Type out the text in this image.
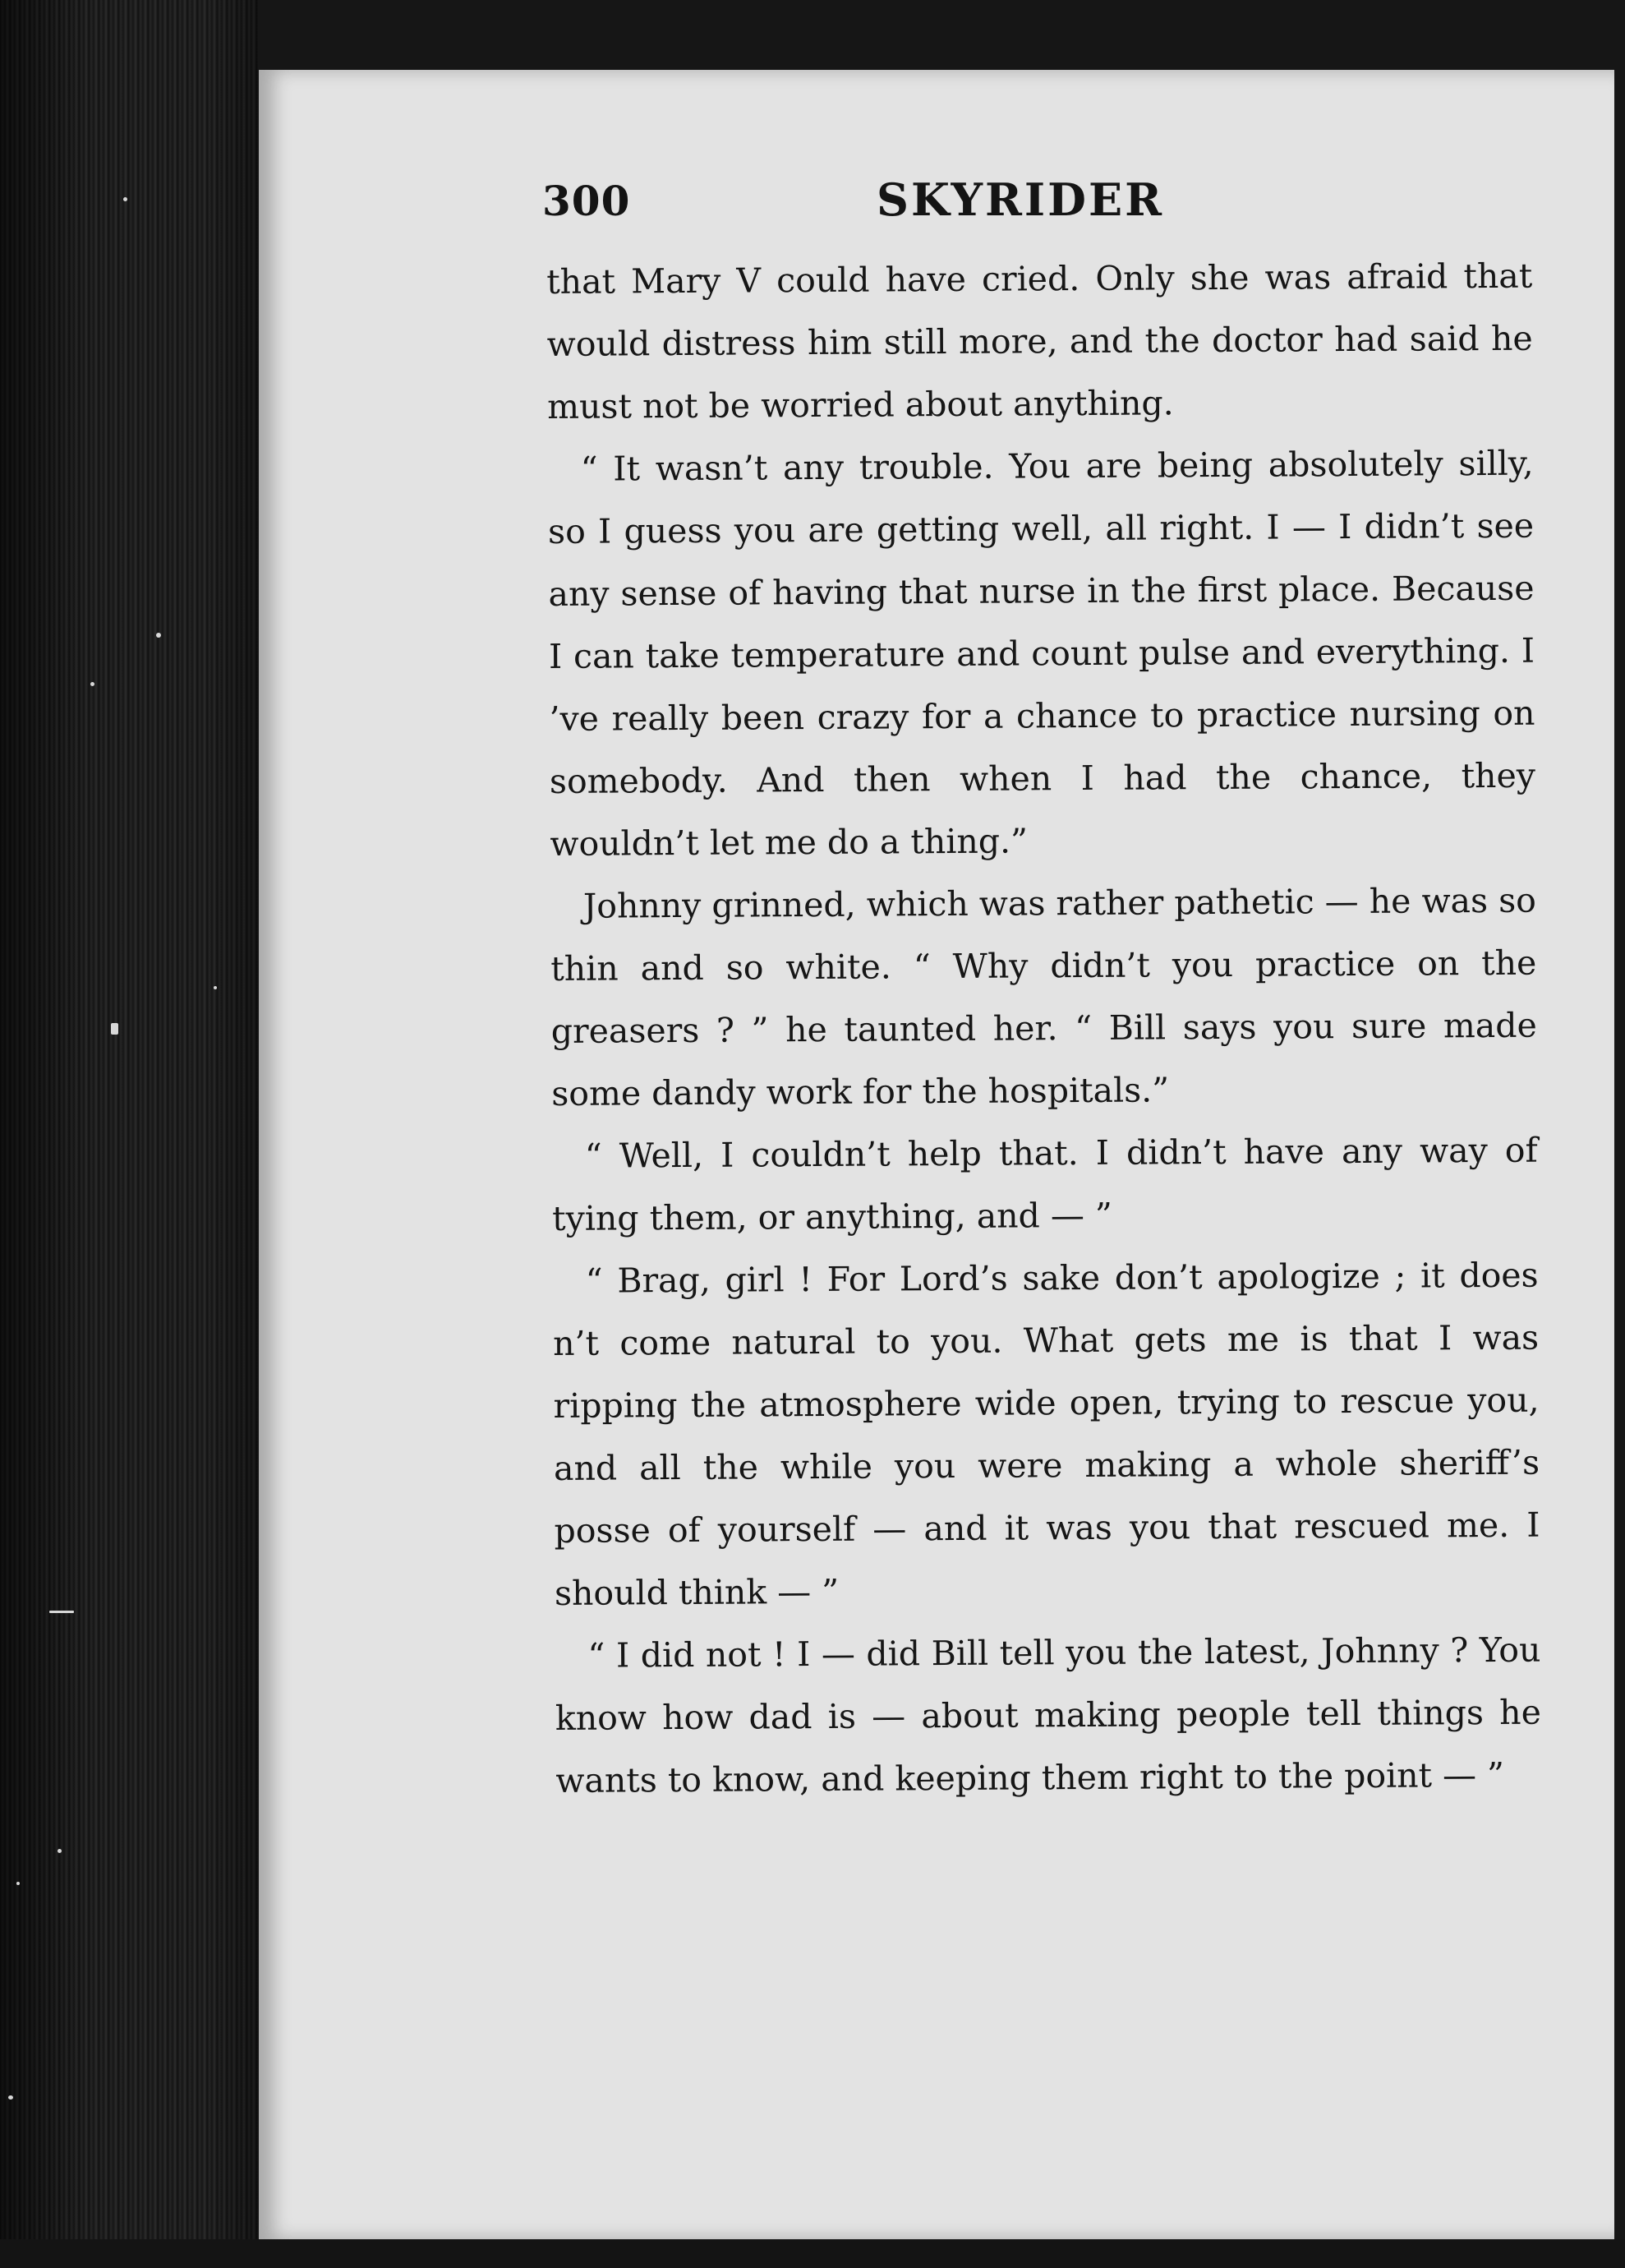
300	SKYRIDER

that Mary V could have cried. Only she was afraid that would distress him still more, and the doctor had said he must not be worried about anything.

“ It wasn’t any trouble. You are being absolutely silly, so I guess you are getting well, all right. I — I didn’t see any sense of having that nurse in the first place. Because I can take temperature and count pulse and everything. I ’ve really been crazy for a chance to practice nursing on somebody. And then when I had the chance, they wouldn’t let me do a thing.”

Johnny grinned, which was rather pathetic — he was so thin and so white. “ Why didn’t you practice on the greasers ? ” he taunted her. “ Bill says you sure made some dandy work for the hospitals.”

“ Well, I couldn’t help that. I didn’t have any way of tying them, or anything, and — ”

“ Brag, girl ! For Lord’s sake don’t apologize ; it does n’t come natural to you. What gets me is that I was ripping the atmosphere wide open, trying to rescue you, and all the while you were making a whole sheriff’s posse of yourself — and it was you that rescued me. I should think — ”

“ I did not ! I — did Bill tell you the latest, Johnny ? You know how dad is — about making people tell things he wants to know, and keeping them right to the point — ”
